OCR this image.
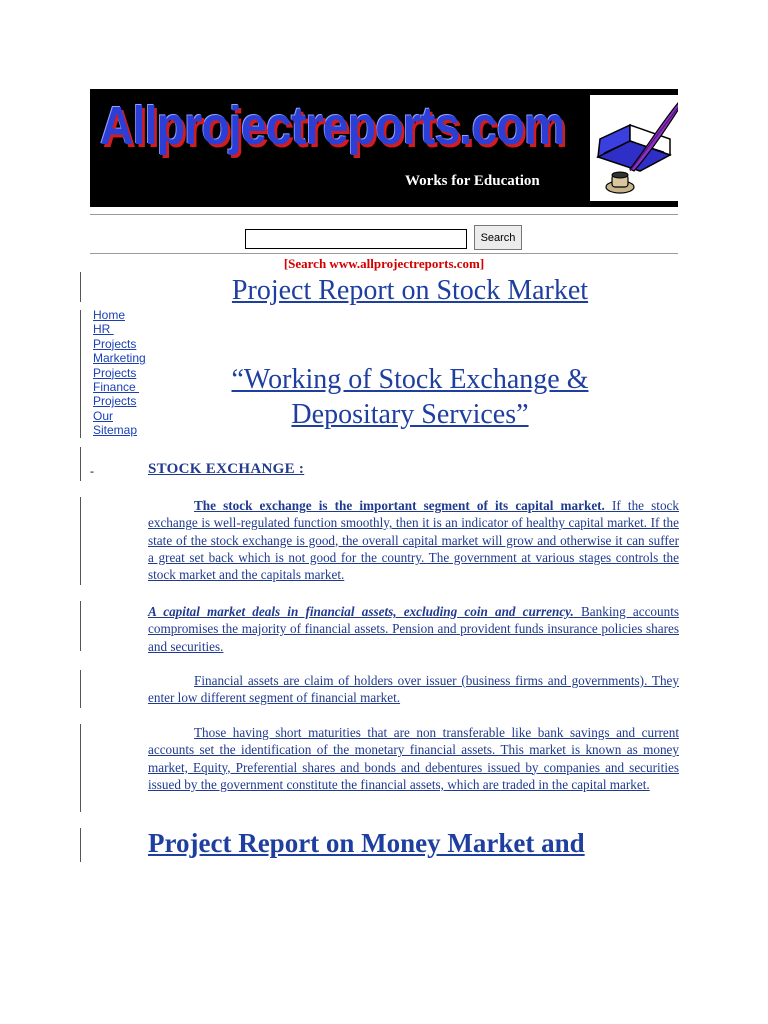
Allprojectreports.com
Works for Education
Search
[Search www.allprojectreports.com]
-
Home
HR
Projects
Marketing
Projects
Finance
Projects
Our
Sitemap
Project Report on Stock Market
“Working of Stock Exchange &
Depositary Services”
STOCK EXCHANGE :

The stock exchange is the important segment of its capital market. If the stock exchange is well-regulated function smoothly, then it is an indicator of healthy capital market. If the state of the stock exchange is good, the overall capital market will grow and otherwise it can suffer a great set back which is not good for the country. The government at various stages controls the stock market and the capitals market.

A capital market deals in financial assets, excluding coin and currency. Banking accounts compromises the majority of financial assets. Pension and provident funds insurance policies shares and securities.

Financial assets are claim of holders over issuer (business firms and governments). They enter low different segment of financial market.

Those having short maturities that are non transferable like bank savings and current accounts set the identification of the monetary financial assets. This market is known as money market, Equity, Preferential shares and bonds and debentures issued by companies and securities issued by the government constitute the financial assets, which are traded in the capital market.

Project Report on Money Market and
